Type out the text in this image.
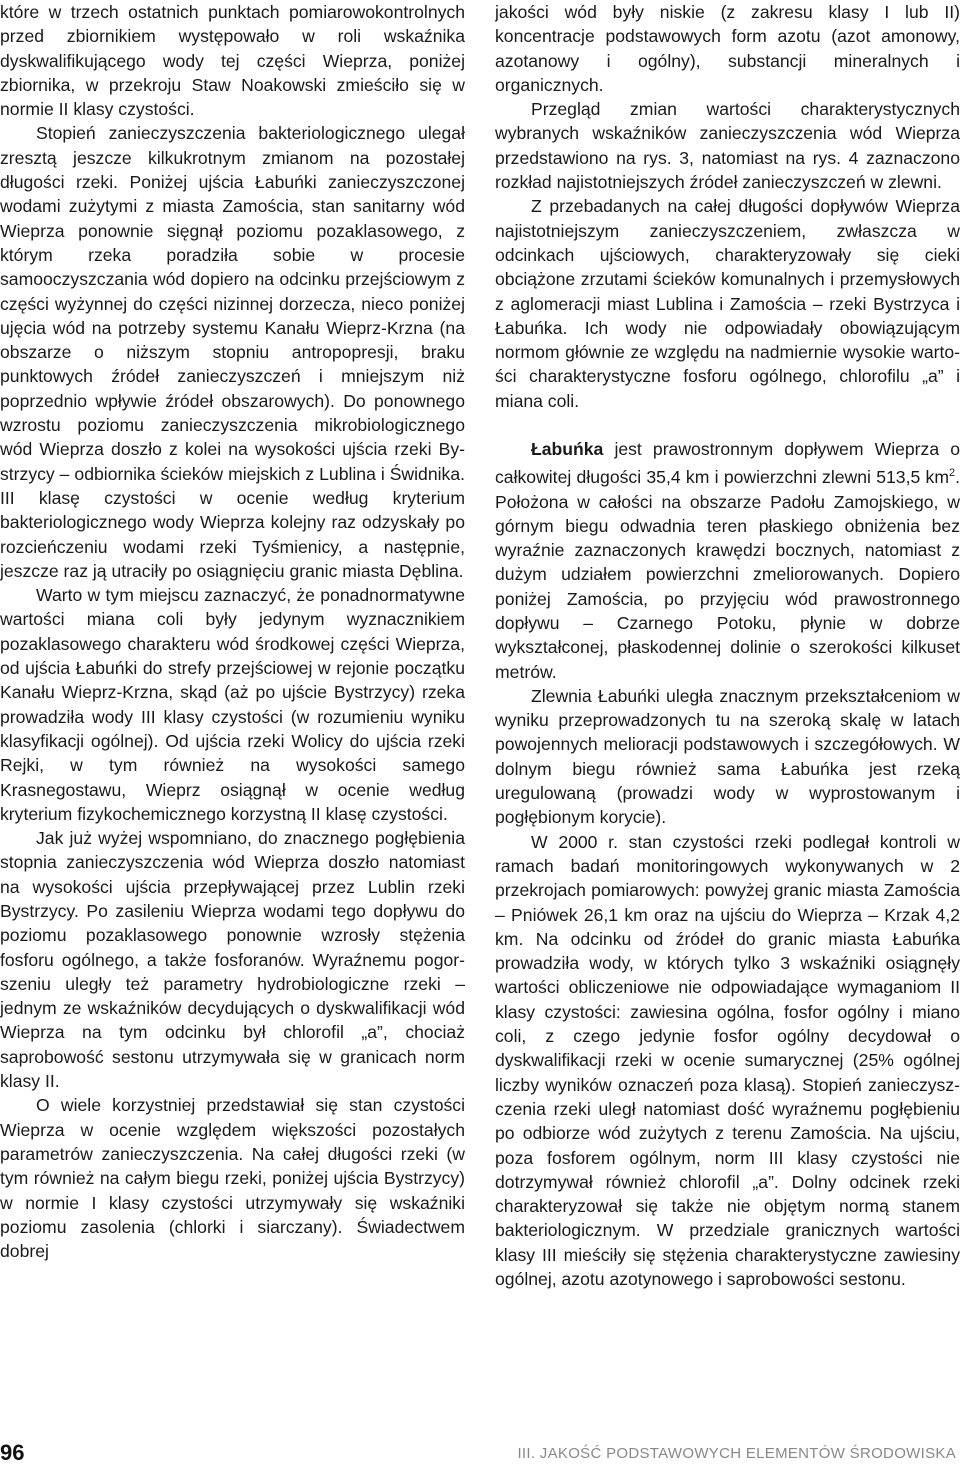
które w trzech ostatnich punktach pomiarowokontrolnych przed zbiornikiem występowało w roli wskaźnika dyskwalifikującego wody tej części Wieprza, poniżej zbiornika, w przekroju Staw Noakowski zmieściło się w normie II klasy czystości.

Stopień zanieczyszczenia bakteriologicznego ulegał zresztą jeszcze kilkukrotnym zmianom na pozostałej długości rzeki. Poniżej ujścia Łabuńki zanieczyszczonej wodami zużytymi z miasta Zamościa, stan sanitarny wód Wieprza ponownie sięgnął poziomu pozaklasowego, z którym rzeka poradziła sobie w procesie samooczyszczania wód dopiero na odcinku przejściowym z części wyżynnej do części nizinnej dorzecza, nieco poniżej ujęcia wód na potrzeby systemu Kanału Wieprz-Krzna (na obszarze o niższym stopniu antropopresji, braku punktowych źródeł zanieczyszczeń i mniejszym niż poprzednio wpływie źródeł obszarowych). Do ponownego wzrostu poziomu zanieczyszczenia mikrobiologicznego wód Wieprza doszło z kolei na wysokości ujścia rzeki Bystrzycy – odbiornika ścieków miejskich z Lublina i Świdnika. III klasę czystości w ocenie według kryterium bakteriologicznego wody Wieprza kolejny raz odzyskały po rozcieńczeniu wodami rzeki Tyśmienicy, a następnie, jeszcze raz ją utraciły po osiągnięciu granic miasta Dęblina.

Warto w tym miejscu zaznaczyć, że ponadnormatywne wartości miana coli były jedynym wyznacznikiem pozaklasowego charakteru wód środkowej części Wieprza, od ujścia Łabuńki do strefy przejściowej w rejonie początku Kanału Wieprz-Krzna, skąd (aż po ujście Bystrzycy) rzeka prowadziła wody III klasy czystości (w rozumieniu wyniku klasyfikacji ogólnej). Od ujścia rzeki Wolicy do ujścia rzeki Rejki, w tym również na wysokości samego Krasnegostawu, Wieprz osiągnął w ocenie według kryterium fizykochemicznego korzystną II klasę czystości.

Jak już wyżej wspomniano, do znacznego pogłębienia stopnia zanieczyszczenia wód Wieprza doszło natomiast na wysokości ujścia przepływającej przez Lublin rzeki Bystrzycy. Po zasileniu Wieprza wodami tego dopływu do poziomu pozaklasowego ponownie wzrosły stężenia fosforu ogólnego, a także fosforanów. Wyraźnemu pogorszeniu uległy też parametry hydrobiologiczne rzeki – jednym ze wskaźników decydujących o dyskwalifikacji wód Wieprza na tym odcinku był chlorofil „a”, chociaż saprobowość sestonu utrzymywała się w granicach norm klasy II.

O wiele korzystniej przedstawiał się stan czystości Wieprza w ocenie względem większości pozostałych parametrów zanieczyszczenia. Na całej długości rzeki (w tym również na całym biegu rzeki, poniżej ujścia Bystrzycy) w normie I klasy czystości utrzymywały się wskaźniki poziomu zasolenia (chlorki i siarczany). Świadectwem dobrej

jakości wód były niskie (z zakresu klasy I lub II) koncentracje podstawowych form azotu (azot amonowy, azotanowy i ogólny), substancji mineralnych i organicznych.

Przegląd zmian wartości charakterystycznych wybranych wskaźników zanieczyszczenia wód Wieprza przedstawiono na rys. 3, natomiast na rys. 4 zaznaczono rozkład najistotniejszych źródeł zanieczyszczeń w zlewni.

Z przebadanych na całej długości dopływów Wieprza najistotniejszym zanieczyszczeniem, zwłaszcza w odcinkach ujściowych, charakteryzowały się cieki obciążone zrzutami ścieków komunalnych i przemysłowych z aglomeracji miast Lublina i Zamościa – rzeki Bystrzyca i Łabuńka. Ich wody nie odpowiadały obowiązującym normom głównie ze względu na nadmiernie wysokie wartości charakterystyczne fosforu ogólnego, chlorofilu „a” i miana coli.

Łabuńka jest prawostronnym dopływem Wieprza o całkowitej długości 35,4 km i powierzchni zlewni 513,5 $km^2$. Położona w całości na obszarze Padołu Zamojskiego, w górnym biegu odwadnia teren płaskiego obniżenia bez wyraźnie zaznaczonych krawędzi bocznych, natomiast z dużym udziałem powierzchni zmeliorowanych. Dopiero poniżej Zamościa, po przyjęciu wód prawostronnego dopływu – Czarnego Potoku, płynie w dobrze wykształconej, płaskodennej dolinie o szerokości kilkuset metrów.

Zlewnia Łabuńki uległa znacznym przekształceniom w wyniku przeprowadzonych tu na szeroką skalę w latach powojennych melioracji podstawowych i szczegółowych. W dolnym biegu również sama Łabuńka jest rzeką uregulowaną (prowadzi wody w wyprostowanym i pogłębionym korycie).

W 2000 r. stan czystości rzeki podlegał kontroli w ramach badań monitoringowych wykonywanych w 2 przekrojach pomiarowych: powyżej granic miasta Zamościa – Pniówek 26,1 km oraz na ujściu do Wieprza – Krzak 4,2 km. Na odcinku od źródeł do granic miasta Łabuńka prowadziła wody, w których tylko 3 wskaźniki osiągnęły wartości obliczeniowe nie odpowiadające wymaganiom II klasy czystości: zawiesina ogólna, fosfor ogólny i miano coli, z czego jedynie fosfor ogólny decydował o dyskwalifikacji rzeki w ocenie sumarycznej (25% ogólnej liczby wyników oznaczeń poza klasą). Stopień zanieczyszczenia rzeki uległ natomiast dość wyraźnemu pogłębieniu po odbiorze wód zużytych z terenu Zamościa. Na ujściu, poza fosforem ogólnym, norm III klasy czystości nie dotrzymywał również chlorofil „a”. Dolny odcinek rzeki charakteryzował się także nie objętym normą stanem bakteriologicznym. W przedziale granicznych wartości klasy III mieściły się stężenia charakterystyczne zawiesiny ogólnej, azotu azotynowego i saprobowości sestonu.

96	III. JAKOŚĆ PODSTAWOWYCH ELEMENTÓW ŚRODOWISKA
